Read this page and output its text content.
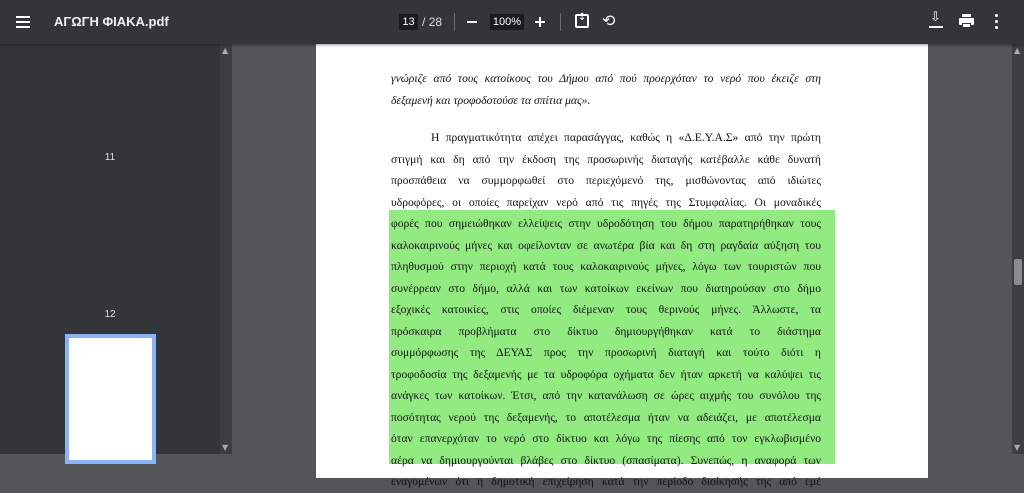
ΑΓΩΓΗ ΦΙΑΚΑ.pdf	13 / 28	100%
↕	⟲	⇩
11
12
▲
▼
γνώριζε από τους κατοίκους του Δήμου από πού προερχόταν το νερό που έκειζε στη
δεξαμενή και τροφοδοτούσε τα σπίτια μας».
Η πραγματικότητα απέχει παρασάγγας, καθώς η «Δ.Ε.Υ.Α.Σ» από την πρώτη
στιγμή και δη από την έκδοση της προσωρινής διαταγής κατέβαλλε κάθε δυνατή
προσπάθεια να συμμορφωθεί στο περιεχόμενό της, μισθώνοντας από ιδιώτες
υδροφόρες, οι οποίες παρείχαν νερό από τις πηγές της Στυμφαλίας. Οι μοναδικές
φορές που σημειώθηκαν ελλείψεις στην υδροδότηση του δήμου παρατηρήθηκαν τους
καλοκαιρινούς μήνες και οφείλονταν σε ανωτέρα βία και δη στη ραγδαία αύξηση του
πληθυσμού στην περιοχή κατά τους καλοκαιρινούς μήνες, λόγω των τουριστών που
συνέρρεαν στο δήμο, αλλά και των κατοίκων εκείνων που διατηρούσαν στο δήμο
εξοχικές κατοικίες, στις οποίες διέμεναν τους θερινούς μήνες. Άλλωστε, τα
πρόσκαιρα προβλήματα στο δίκτυο δημιουργήθηκαν κατά το διάστημα
συμμόρφωσης της ΔΕΥΑΣ προς την προσωρινή διαταγή και τούτο διότι η
τροφοδοσία της δεξαμενής με τα υδροφόρα οχήματα δεν ήταν αρκετή να καλύψει τις
ανάγκες των κατοίκων. Έτσι, από την κατανάλωση σε ώρες αιχμής του συνόλου της
ποσότητας νερού της δεξαμενής, το αποτέλεσμα ήταν να αδειάζει, με αποτέλεσμα
όταν επανερχόταν το νερό στο δίκτυο και λόγω της πίεσης από τον εγκλωβισμένο
αέρα να δημιουργούνται βλάβες στο δίκτυο (σπασίματα). Συνεπώς, η αναφορά των
εναγομένων ότι η δημοτική επιχείρηση κατά την περίοδο διοίκησής της από εμέ
▲
▼
